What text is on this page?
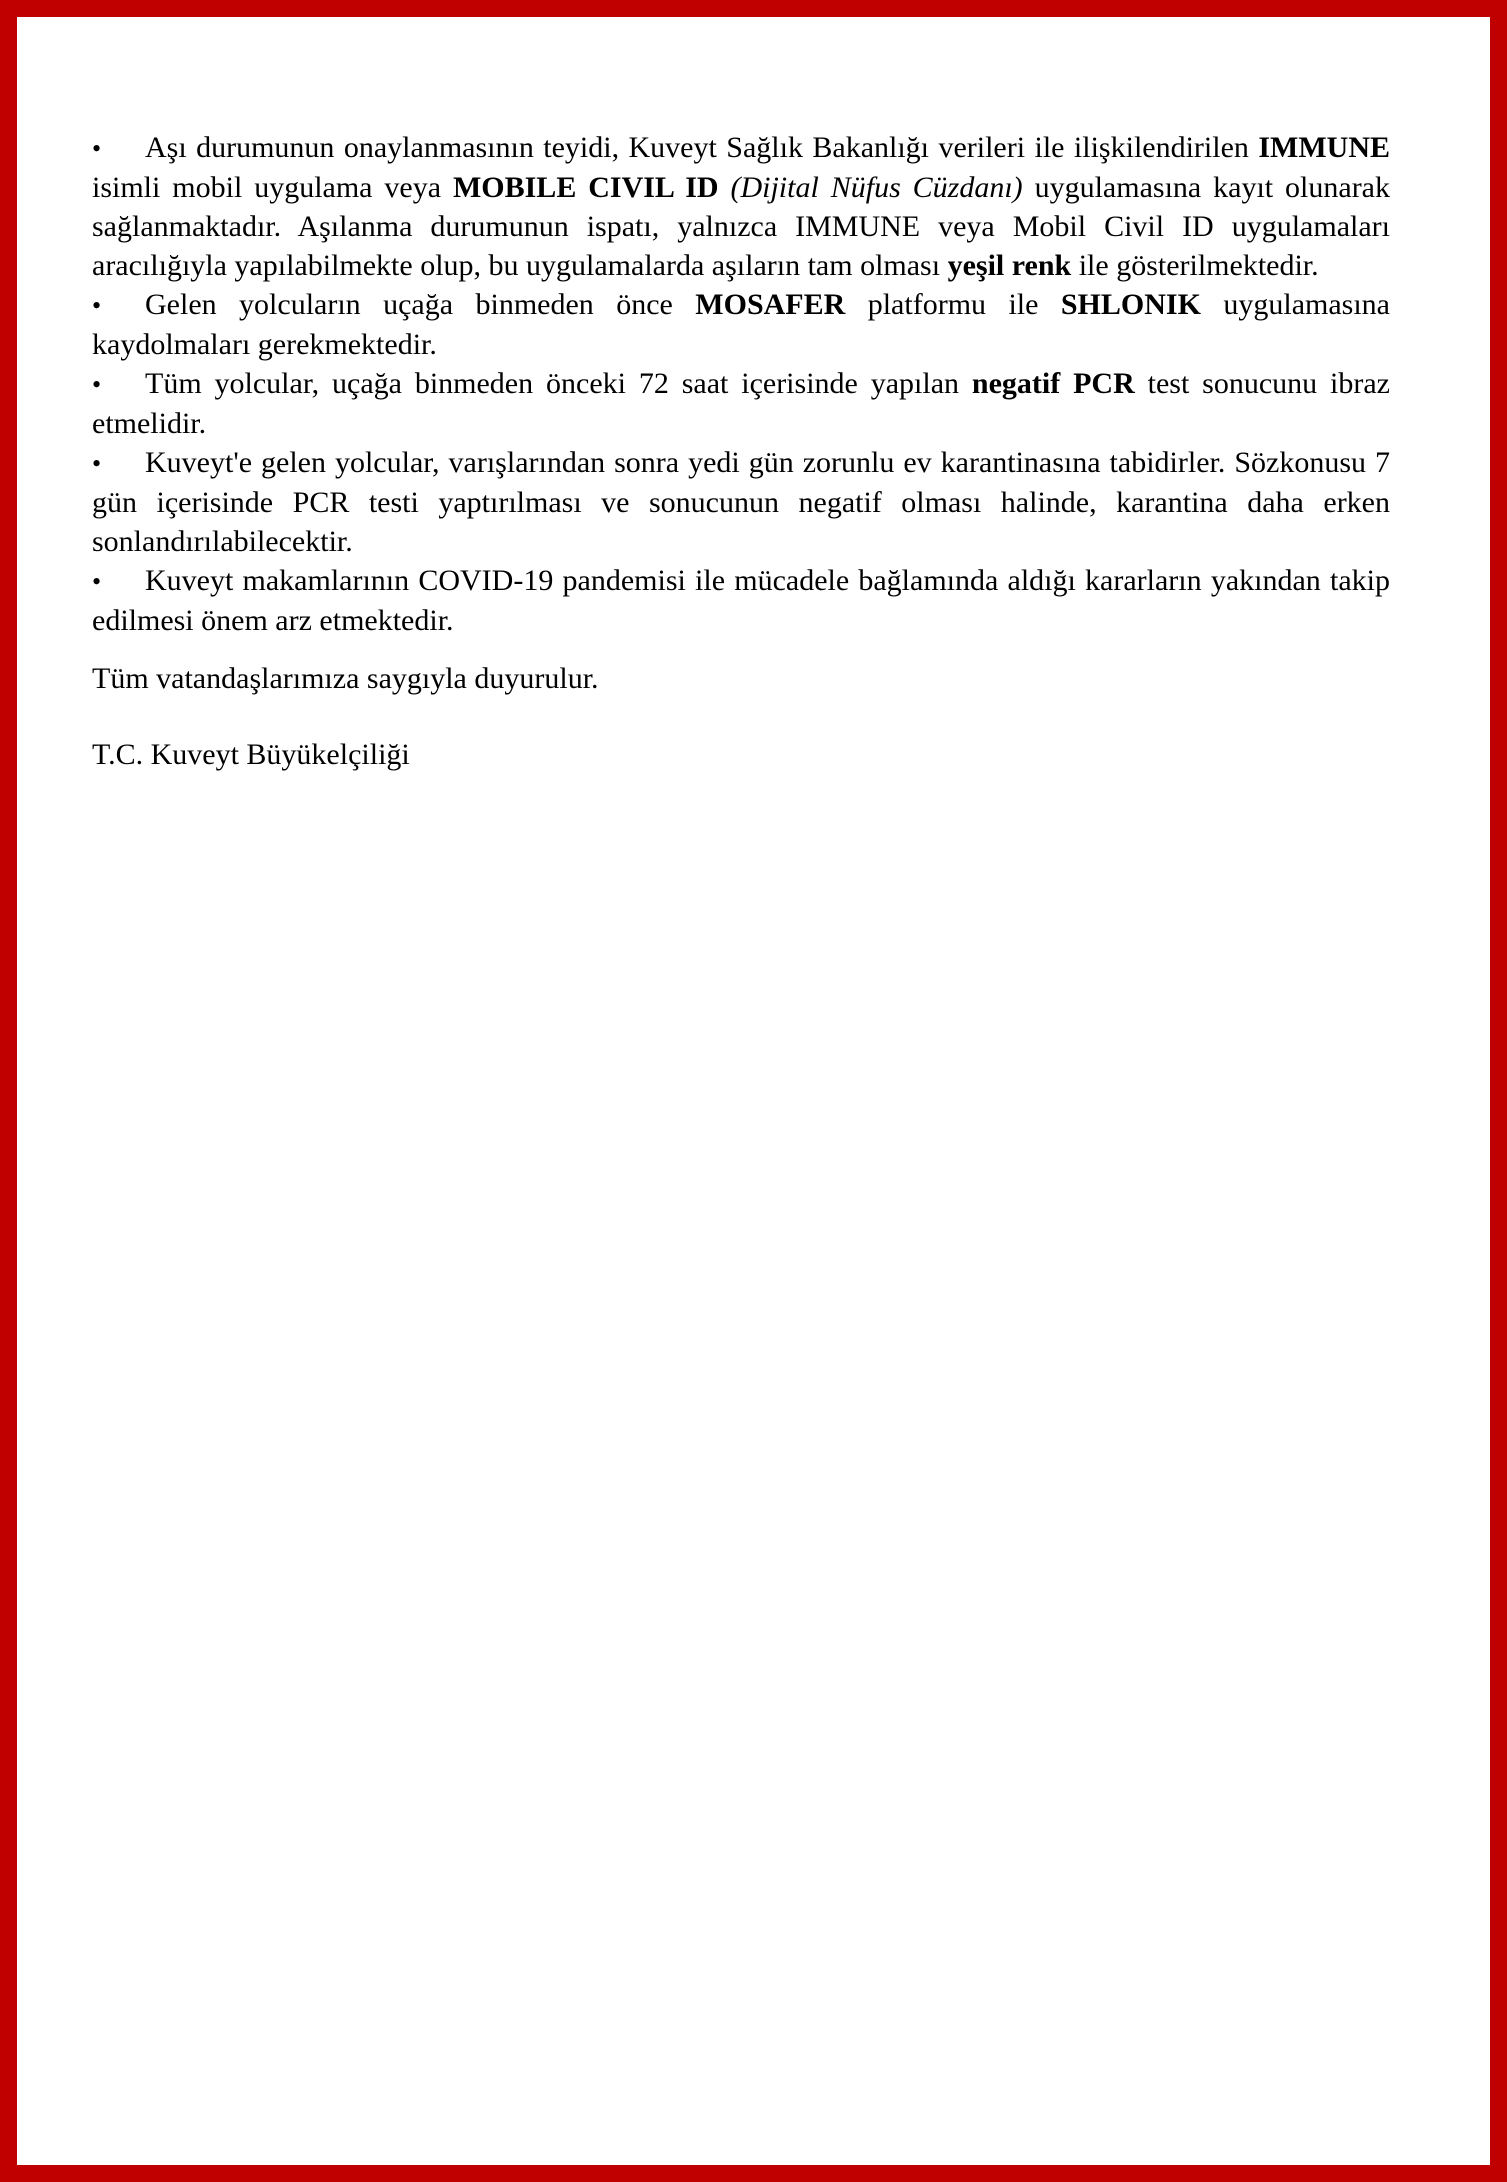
• Aşı durumunun onaylanmasının teyidi, Kuveyt Sağlık Bakanlığı verileri ile ilişkilendirilen IMMUNE isimli mobil uygulama veya MOBILE CIVIL ID (Dijital Nüfus Cüzdanı) uygulamasına kayıt olunarak sağlanmaktadır. Aşılanma durumunun ispatı, yalnızca IMMUNE veya Mobil Civil ID uygulamaları aracılığıyla yapılabilmekte olup, bu uygulamalarda aşıların tam olması yeşil renk ile gösterilmektedir.

• Gelen yolcuların uçağa binmeden önce MOSAFER platformu ile SHLONIK uygulamasına kaydolmaları gerekmektedir.

• Tüm yolcular, uçağa binmeden önceki 72 saat içerisinde yapılan negatif PCR test sonucunu ibraz etmelidir.

• Kuveyt'e gelen yolcular, varışlarından sonra yedi gün zorunlu ev karantinasına tabidirler. Sözkonusu 7 gün içerisinde PCR testi yaptırılması ve sonucunun negatif olması halinde, karantina daha erken sonlandırılabilecektir.

• Kuveyt makamlarının COVID-19 pandemisi ile mücadele bağlamında aldığı kararların yakından takip edilmesi önem arz etmektedir.

Tüm vatandaşlarımıza saygıyla duyurulur.

T.C. Kuveyt Büyükelçiliği
